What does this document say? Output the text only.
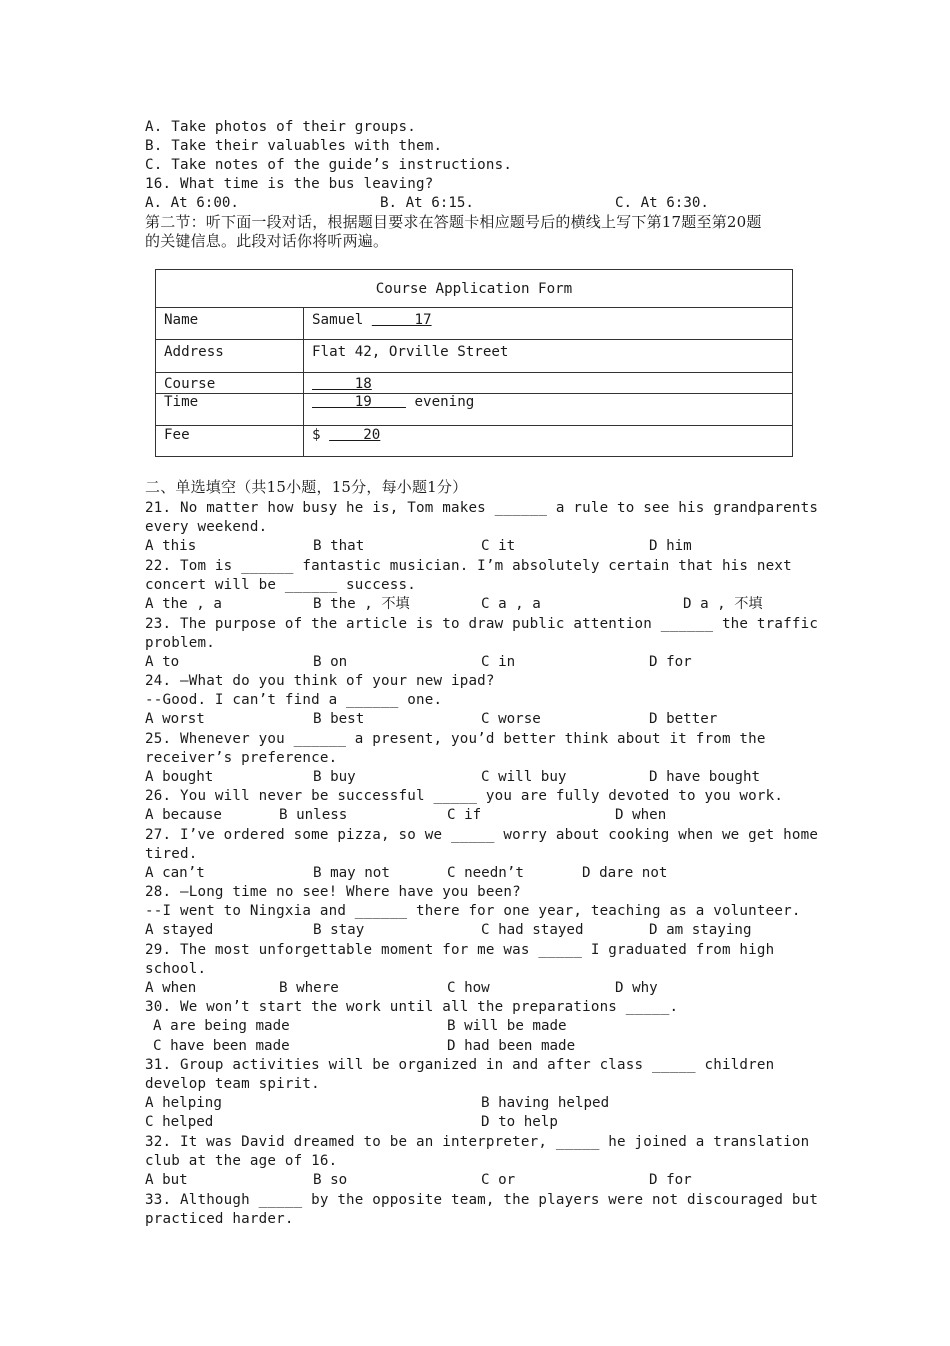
A. Take photos of their groups.
B. Take their valuables with them.
C. Take notes of the guide’s instructions.
16. What time is the bus leaving?
A. At 6:00.	B. At 6:15.	C. At 6:30.
第二节：听下面一段对话，根据题目要求在答题卡相应题号后的横线上写下第17题至第20题
的关键信息。此段对话你将听两遍。
Course Application Form	
Name	Samuel      17
Address	Flat 42, Orville Street
Course	18
Time	19     evening
Fee	$     20
二、单选填空（共15小题，15分，每小题1分）
21. No matter how busy he is, Tom makes ______ a rule to see his grandparents
every weekend.
A this	B that	C it	D him
22. Tom is ______ fantastic musician. I’m absolutely certain that his next
concert will be ______ success.
A the , a	B the , 不填	C a , a	D a , 不填
23. The purpose of the article is to draw public attention ______ the traffic
problem.
A to	B on	C in	D for
24. –What do you think of your new ipad?
--Good. I can’t find a ______ one.
A worst	B best	C worse	D better
25. Whenever you ______ a present, you’d better think about it from the
receiver’s preference.
A bought	B buy	C will buy	D have bought
26. You will never be successful _____ you are fully devoted to you work.
A because	B unless	C if	D when
27. I’ve ordered some pizza, so we _____ worry about cooking when we get home
tired.
A can’t	B may not	C needn’t	D dare not
28. –Long time no see! Where have you been?
--I went to Ningxia and ______ there for one year, teaching as a volunteer.
A stayed	B stay	C had stayed	D am staying
29. The most unforgettable moment for me was _____ I graduated from high
school.
A when	B where	C how	D why
30. We won’t start the work until all the preparations _____.
A are being made	B will be made
C have been made	D had been made
31. Group activities will be organized in and after class _____ children
develop team spirit.
A helping	B having helped
C helped	D to help
32. It was David dreamed to be an interpreter, _____ he joined a translation
club at the age of 16.
A but	B so	C or	D for
33. Although _____ by the opposite team, the players were not discouraged but
practiced harder.
